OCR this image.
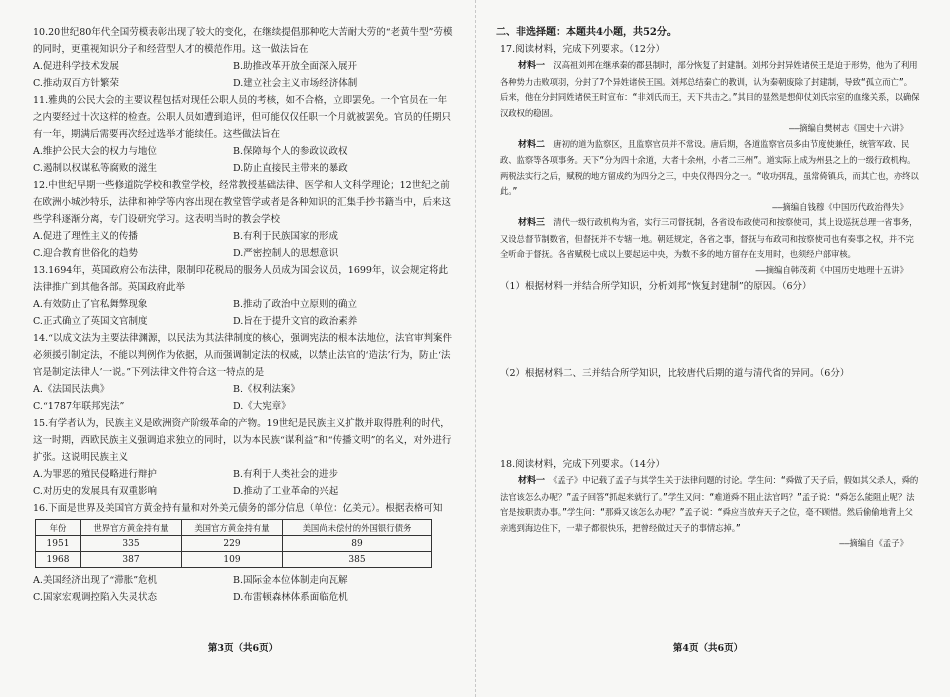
10.20世纪80年代全国劳模表彰出现了较大的变化，在继续提倡那种吃大苦耐大劳的“老黄牛型”劳模的同时，更重视知识分子和经营型人才的模范作用。这一做法旨在

A.促进科学技术发展	B.助推改革开放全面深入展开
C.推动双百方针繁荣	D.建立社会主义市场经济体制

11.雅典的公民大会的主要议程包括对现任公职人员的考核，如不合格，立即罢免。一个官员在一年之内要经过十次这样的检查。公职人员如遭到追评，但可能仅仅任职一个月就被罢免。官员的任期只有一年，期满后需要再次经过选举才能续任。这些做法旨在

A.维护公民大会的权力与地位	B.保障每个人的参政议政权
C.遏制以权谋私等腐败的滋生	D.防止直接民主带来的暴政

12.中世纪早期一些修道院学校和教堂学校，经常教授基础法律、医学和人文科学理论；12世纪之前在欧洲小城沙特乐，法律和神学等内容出现在教堂管学或者是各种知识的汇集手抄书籍当中，后来这些学科逐渐分离，专门设研究学习。这表明当时的教会学校

A.促进了理性主义的传播	B.有利于民族国家的形成
C.迎合教育世俗化的趋势	D.严密控制人的思想意识

13.1694年，英国政府公布法律，限制印花税局的服务人员成为国会议员，1699年，议会规定将此法律推广到其他各部。英国政府此举

A.有效防止了官私舞弊现象	B.推动了政治中立原则的确立
C.正式确立了英国文官制度	D.旨在于提升文官的政治素养

14.“以成文法为主要法律渊源，以民法为其法律制度的核心，强调宪法的根本法地位，法官审判案件必须援引制定法，不能以判例作为依据，从而强调制定法的权威，以禁止法官的‘造法’行为，防止‘法官是制定法律人’一说。”下列法律文件符合这一特点的是

A.《法国民法典》	B.《权利法案》
C.“1787年联邦宪法”	D.《大宪章》

15.有学者认为，民族主义是欧洲资产阶级革命的产物。19世纪是民族主义扩散并取得胜利的时代，这一时期，西欧民族主义强调追求独立的同时，以为本民族“谋利益”和“传播文明”的名义，对外进行扩张。这说明民族主义

A.为罪恶的殖民侵略进行辩护	B.有利于人类社会的进步
C.对历史的发展具有双重影响	D.推动了工业革命的兴起

16.下面是世界及美国官方黄金持有量和对外美元债务的部分信息（单位：亿美元）。根据表格可知

年份	世界官方黄金持有量	美国官方黄金持有量	美国尚未偿付的外国银行债务
1951	335	229	89
1968	387	109	385
A.美国经济出现了“滞胀”危机	B.国际金本位体制走向瓦解
C.国家宏观调控陷入失灵状态	D.布雷顿森林体系面临危机
第3页（共6页）

二、非选择题：本题共4小题，共52分。

17.阅读材料，完成下列要求。（12分）

材料一　 汉高祖刘邦在继承秦的郡县制时，部分恢复了封建制。刘邦分封异姓诸侯王是迫于形势，他为了利用各种势力击败项羽，分封了7个异姓诸侯王国。刘邦总结秦亡的教训，认为秦朝废除了封建制，导致“孤立而亡”。后来，他在分封同姓诸侯王时宣布：“非刘氏而王，天下共击之。”其目的显然是想仰仗刘氏宗室的血缘关系，以确保汉政权的稳固。

——摘编自樊树志《国史十六讲》

材料二　 唐初的道为监察区，且监察官员并不常设。唐后期，各道监察官员多由节度使兼任，统管军政、民政、监察等各项事务。天下“分为四十余道，大者十余州，小者二三州”。道实际上成为州县之上的一级行政机构。两税法实行之后，赋税的地方留成约为四分之三，中央仅得四分之一。“收功弭乱，虽常倚镇兵，而其亡也，亦终以此。”

——摘编自钱穆《中国历代政治得失》

材料三　 清代一级行政机构为省，实行三司督抚制，各省设布政使司和按察使司，其上设巡抚总理一省事务，又设总督节制数省，但督抚并不专辖一地。朝廷规定，各省之事，督抚与布政司和按察使司也有奏事之权，并不完全听命于督抚。各省赋税七成以上要起运中央，为数不多的地方留存在支用时，也须经户部审核。

——摘编自韩茂莉《中国历史地理十五讲》

（1）根据材料一并结合所学知识，分析刘邦“恢复封建制”的原因。（6分）

（2）根据材料二、三并结合所学知识，比较唐代后期的道与清代省的异同。（6分）

18.阅读材料，完成下列要求。（14分）

材料一　 《孟子》中记载了孟子与其学生关于法律问题的讨论。学生问：“舜做了天子后，假如其父杀人，舜的法官该怎么办呢？”孟子回答“抓起来就行了。”学生又问：“难道舜不阻止法官吗？”孟子说：“舜怎么能阻止呢？法官是按职责办事。”学生问：“那舜又该怎么办呢？”孟子说：“舜应当放弃天子之位，毫不顾惜。然后偷偷地背上父亲逃到海边住下，一辈子都很快乐，把曾经做过天子的事情忘掉。”

——摘编自《孟子》

第4页（共6页）
